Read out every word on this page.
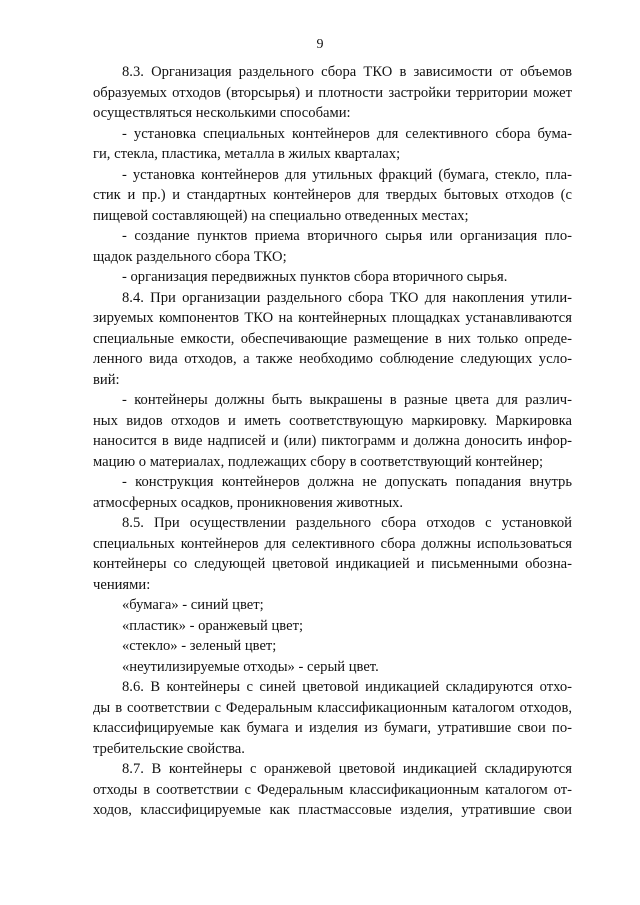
9

8.3. Организация раздельного сбора ТКО в зависимости от объемов

образуемых отходов (вторсырья) и плотности застройки территории может

осуществляться несколькими способами:

- установка специальных контейнеров для селективного сбора бума-

ги, стекла, пластика, металла в жилых кварталах;

- установка контейнеров для утильных фракций (бумага, стекло, пла-

стик и пр.) и стандартных контейнеров для твердых бытовых отходов (с

пищевой составляющей) на специально отведенных местах;

- создание пунктов приема вторичного сырья или организация пло-

щадок раздельного сбора ТКО;

- организация передвижных пунктов сбора вторичного сырья.

8.4. При организации раздельного сбора ТКО для накопления утили-

зируемых компонентов ТКО на контейнерных площадках устанавливаются

специальные емкости, обеспечивающие размещение в них только опреде-

ленного вида отходов, а также необходимо соблюдение следующих усло-

вий:

- контейнеры должны быть выкрашены в разные цвета для различ-

ных видов отходов и иметь соответствующую маркировку. Маркировка

наносится в виде надписей и (или) пиктограмм и должна доносить инфор-

мацию о материалах, подлежащих сбору в соответствующий контейнер;

- конструкция контейнеров должна не допускать попадания внутрь

атмосферных осадков, проникновения животных.

8.5. При осуществлении раздельного сбора отходов с установкой

специальных контейнеров для селективного сбора должны использоваться

контейнеры со следующей цветовой индикацией и письменными обозна-

чениями:

«бумага» - синий цвет;

«пластик» - оранжевый цвет;

«стекло» - зеленый цвет;

«неутилизируемые отходы» - серый цвет.

8.6. В контейнеры с синей цветовой индикацией складируются отхо-

ды в соответствии с Федеральным классификационным каталогом отходов,

классифицируемые как бумага и изделия из бумаги, утратившие свои по-

требительские свойства.

8.7. В контейнеры с оранжевой цветовой индикацией складируются

отходы в соответствии с Федеральным классификационным каталогом от-

ходов, классифицируемые как пластмассовые изделия, утратившие свои
